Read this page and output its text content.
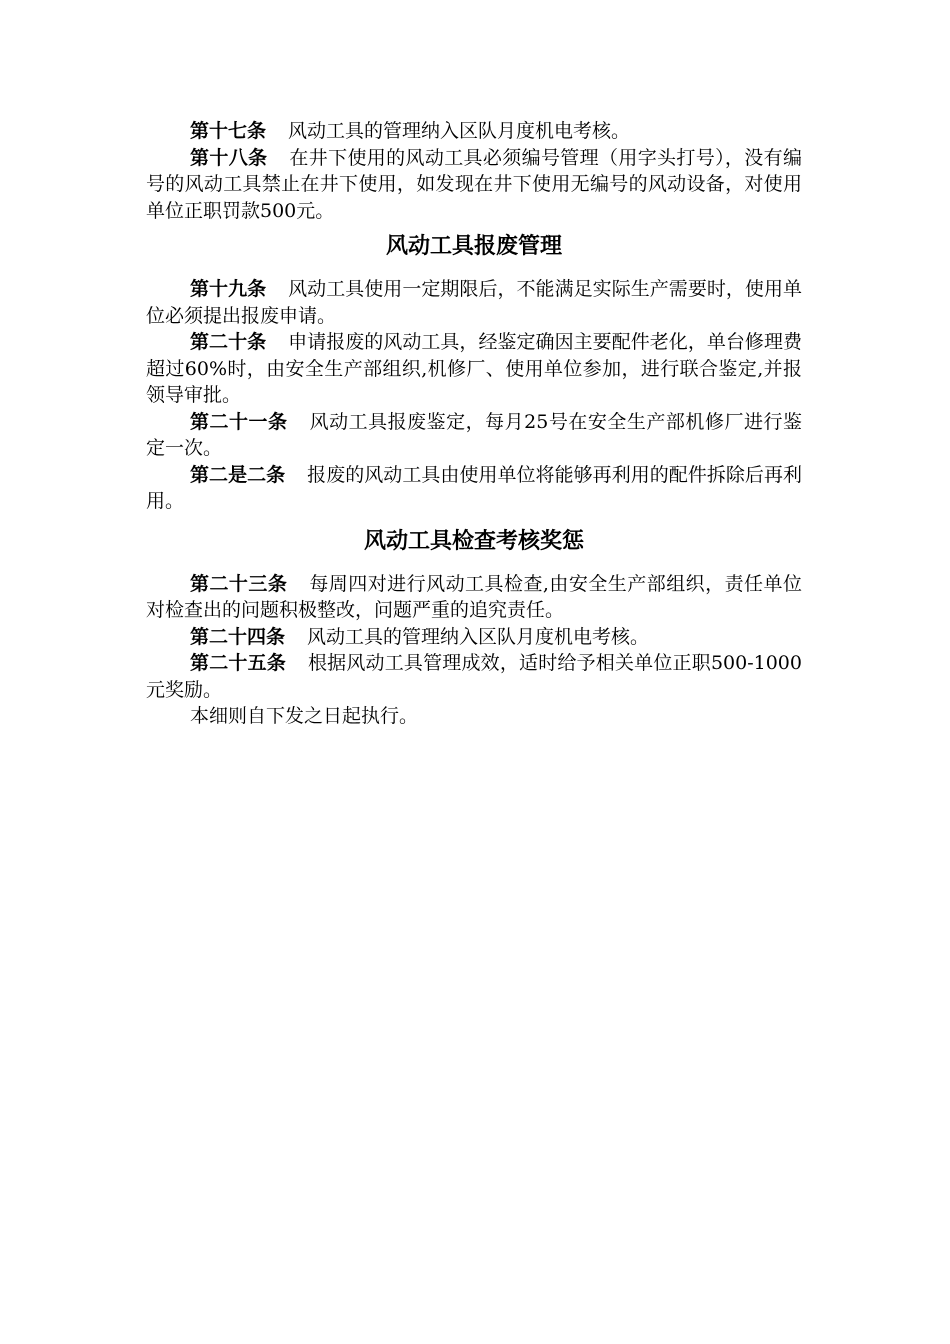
第十七条 风动工具的管理纳入区队月度机电考核。

第十八条 在井下使用的风动工具必须编号管理（用字头打号），没有编号的风动工具禁止在井下使用，如发现在井下使用无编号的风动设备，对使用单位正职罚款500元。

风动工具报废管理

第十九条 风动工具使用一定期限后，不能满足实际生产需要时，使用单位必须提出报废申请。

第二十条 申请报废的风动工具，经鉴定确因主要配件老化，单台修理费超过60%时，由安全生产部组织,机修厂、使用单位参加，进行联合鉴定,并报领导审批。

第二十一条 风动工具报废鉴定，每月25号在安全生产部机修厂进行鉴定一次。

第二是二条 报废的风动工具由使用单位将能够再利用的配件拆除后再利用。

风动工具检查考核奖惩

第二十三条 每周四对进行风动工具检查,由安全生产部组织，责任单位对检查出的问题积极整改，问题严重的追究责任。

第二十四条 风动工具的管理纳入区队月度机电考核。

第二十五条 根据风动工具管理成效，适时给予相关单位正职500-1000元奖励。

本细则自下发之日起执行。
